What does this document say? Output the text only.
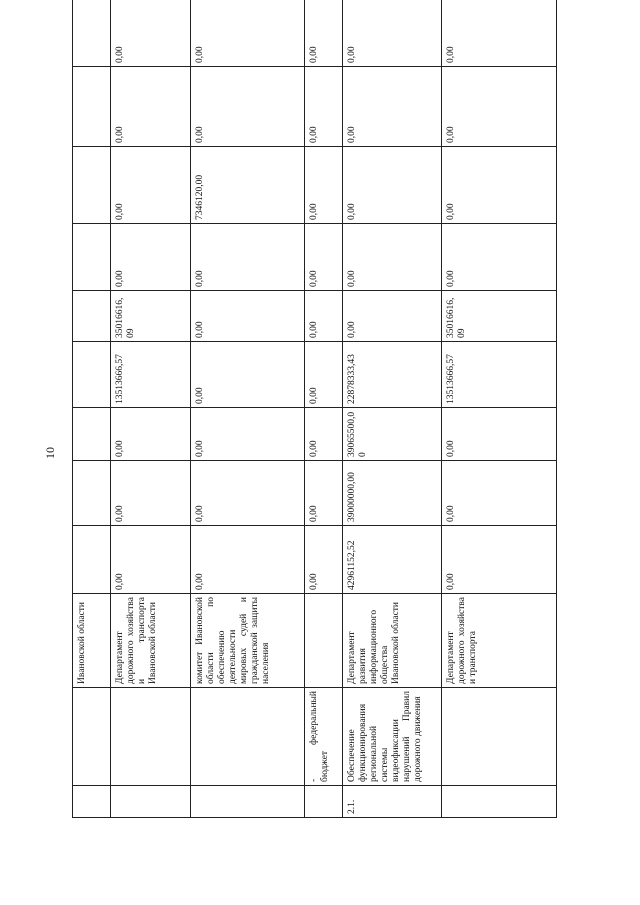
10
		Ивановской области										
		Департамент дорожного хозяйства и транспорта Ивановской области	0,00	0,00	0,00	13513666,57	35016616,09	0,00	0,00	0,00	0,00	
		комитет Ивановской области по обеспечению деятельности мировых судей и гражданской защиты населения	0,00	0,00	0,00	0,00	0,00	0,00	7346120,00	0,00	0,00	
	- федеральный бюджет		0,00	0,00	0,00	0,00	0,00	0,00	0,00	0,00	0,00	
2.1.	Обеспечение функционирования региональной системы видеофиксации нарушений Правил дорожного движения	Департамент развития информационного общества Ивановской области	42961152,52	39000000,00	39065500,00	22878333,43	0,00	0,00	0,00	0,00	0,00	
		Департамент дорожного хозяйства и транспорта	0,00	0,00	0,00	13513666,57	35016616,09	0,00	0,00	0,00	0,00	
